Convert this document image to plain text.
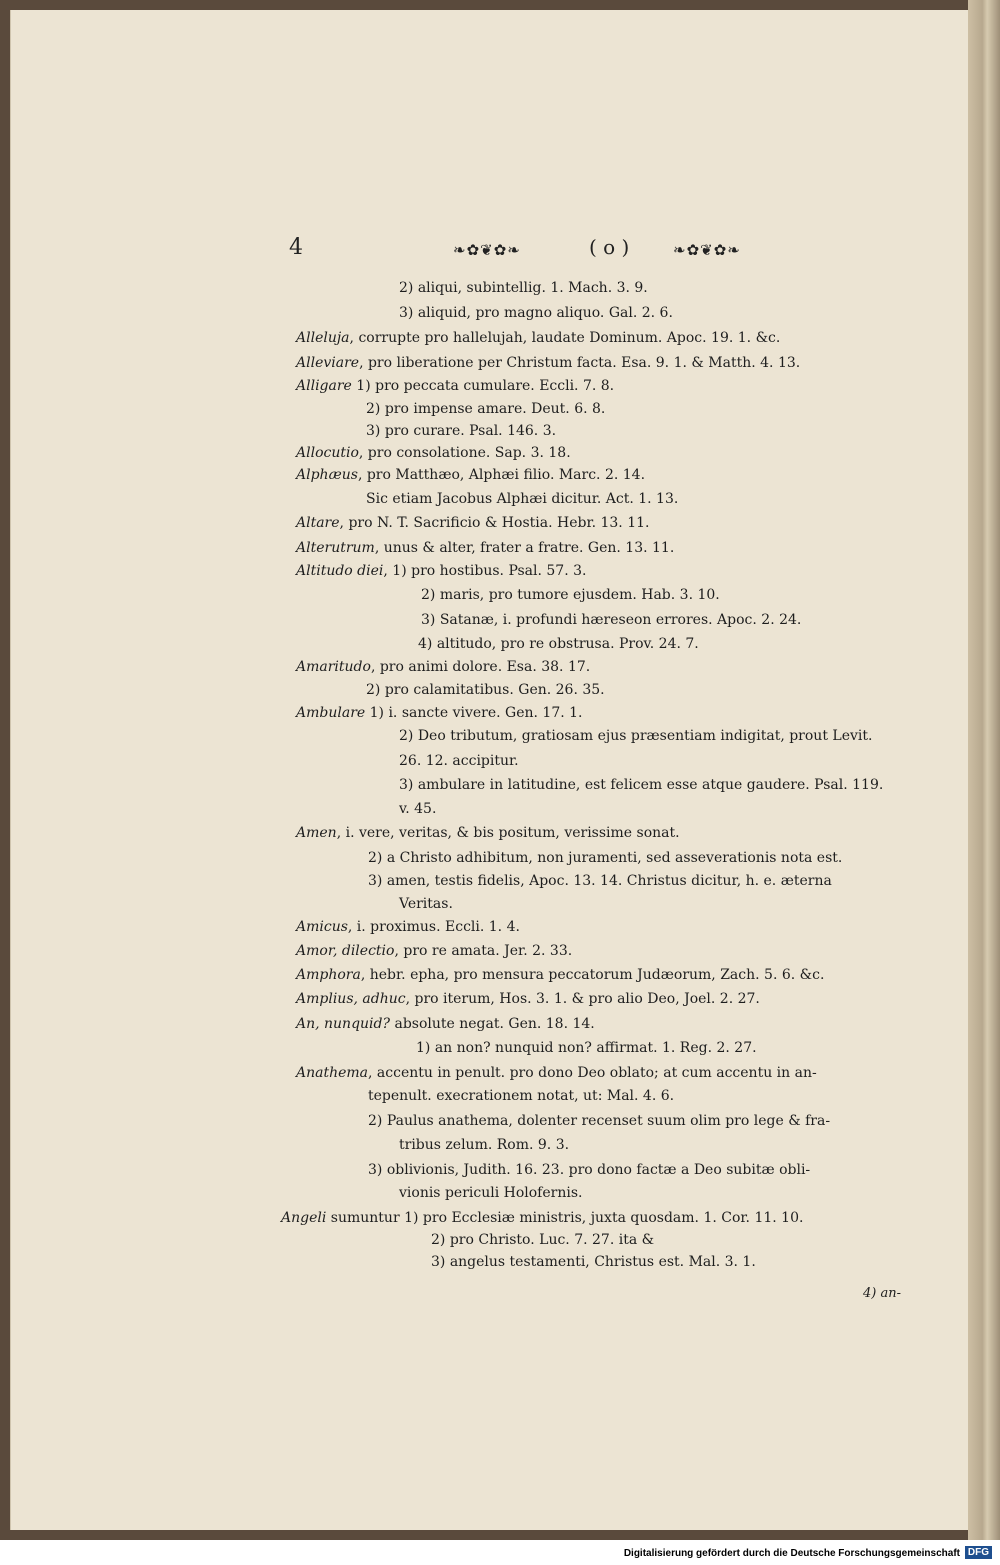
4	❧✿❦✿❧	( o )	❧✿❦✿❧
2) aliqui, subintellig. 1. Mach. 3. 9.
3) aliquid, pro magno aliquo. Gal. 2. 6.
Alleluja, corrupte pro hallelujah, laudate Dominum. Apoc. 19. 1. &c.
Alleviare, pro liberatione per Christum facta. Esa. 9. 1. & Matth. 4. 13.
Alligare 1) pro peccata cumulare. Eccli. 7. 8.
2) pro impense amare. Deut. 6. 8.
3) pro curare. Psal. 146. 3.
Allocutio, pro consolatione. Sap. 3. 18.
Alphæus, pro Matthæo, Alphæi filio. Marc. 2. 14.
Sic etiam Jacobus Alphæi dicitur. Act. 1. 13.
Altare, pro N. T. Sacrificio & Hostia. Hebr. 13. 11.
Alterutrum, unus & alter, frater a fratre. Gen. 13. 11.
Altitudo diei, 1) pro hostibus. Psal. 57. 3.
2) maris, pro tumore ejusdem. Hab. 3. 10.
3) Satanæ, i. profundi hæreseon errores. Apoc. 2. 24.
4) altitudo, pro re obstrusa. Prov. 24. 7.
Amaritudo, pro animi dolore. Esa. 38. 17.
2) pro calamitatibus. Gen. 26. 35.
Ambulare 1) i. sancte vivere. Gen. 17. 1.
2) Deo tributum, gratiosam ejus præsentiam indigitat, prout Levit.
26. 12. accipitur.
3) ambulare in latitudine, est felicem esse atque gaudere. Psal. 119.
v. 45.
Amen, i. vere, veritas, & bis positum, verissime sonat.
2) a Christo adhibitum, non juramenti, sed asseverationis nota est.
3) amen, testis fidelis, Apoc. 13. 14. Christus dicitur, h. e. æterna
Veritas.
Amicus, i. proximus. Eccli. 1. 4.
Amor, dilectio, pro re amata. Jer. 2. 33.
Amphora, hebr. epha, pro mensura peccatorum Judæorum, Zach. 5. 6. &c.
Amplius, adhuc, pro iterum, Hos. 3. 1. & pro alio Deo, Joel. 2. 27.
An, nunquid? absolute negat. Gen. 18. 14.
1) an non? nunquid non? affirmat. 1. Reg. 2. 27.
Anathema, accentu in penult. pro dono Deo oblato; at cum accentu in an-
tepenult. execrationem notat, ut: Mal. 4. 6.
2) Paulus anathema, dolenter recenset suum olim pro lege & fra-
tribus zelum. Rom. 9. 3.
3) oblivionis, Judith. 16. 23. pro dono factæ a Deo subitæ obli-
vionis periculi Holofernis.
Angeli sumuntur 1) pro Ecclesiæ ministris, juxta quosdam. 1. Cor. 11. 10.
2) pro Christo. Luc. 7. 27. ita &
3) angelus testamenti, Christus est. Mal. 3. 1.
4) an-
Digitalisierung gefördert durch die Deutsche Forschungsgemeinschaft DFG
